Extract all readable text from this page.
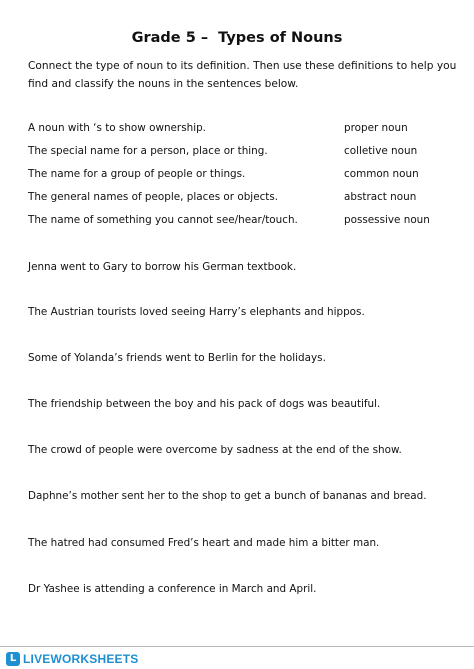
Grade 5 –  Types of Nouns
Connect the type of noun to its definition. Then use these definitions to help you find and classify the nouns in the sentences below.
A noun with ‘s to show ownership.	proper noun
The special name for a person, place or thing.	colletive noun
The name for a group of people or things.	common noun
The general names of people, places or objects.	abstract noun
The name of something you cannot see/hear/touch.	possessive noun
Jenna went to Gary to borrow his German textbook.
The Austrian tourists loved seeing Harry’s elephants and hippos.
Some of Yolanda’s friends went to Berlin for the holidays.
The friendship between the boy and his pack of dogs was beautiful.
The crowd of people were overcome by sadness at the end of the show.
Daphne’s mother sent her to the shop to get a bunch of bananas and bread.
The hatred had consumed Fred’s heart and made him a bitter man.
Dr Yashee is attending a conference in March and April.
L LIVEWORKSHEETS
